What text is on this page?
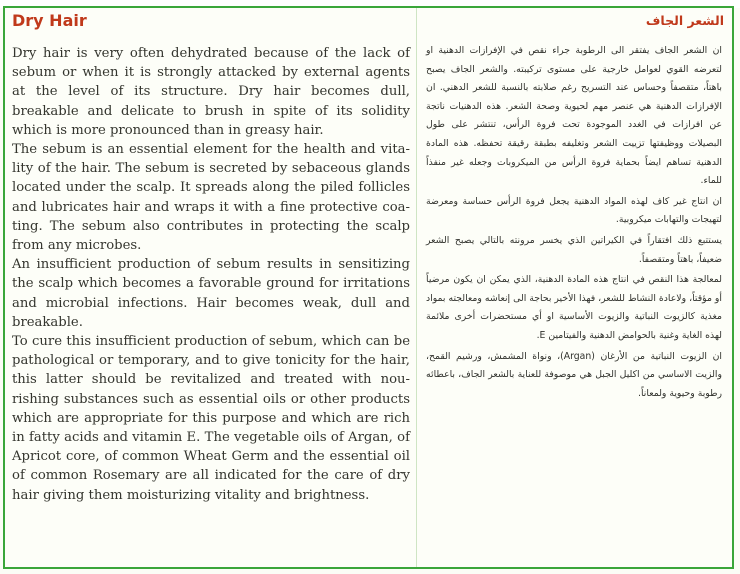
Dry Hair	الشعر الجاف

Dry hair is very often dehydrated because of the lack of sebum or when it is strongly attacked by external agents at the level of its structure. Dry hair becomes dull, breakable and delicate to brush in spite of its solidity which is more pronounced than in greasy hair.

The sebum is an essential element for the health and vitality of the hair. The sebum is secreted by sebaceous glands located under the scalp. It spreads along the piled follicles and lubricates hair and wraps it with a fine protective coating. The sebum also contributes in protecting the scalp from any microbes.

An insufficient production of sebum results in sensitizing the scalp which becomes a favorable ground for irritations and microbial infections. Hair becomes weak, dull and breakable.

To cure this insufficient production of sebum, which can be pathological or temporary, and to give tonicity for the hair, this latter should be revitalized and treated with nourishing substances such as essential oils or other products which are appropriate for this purpose and which are rich in fatty acids and vitamin E. The vegetable oils of Argan, of Apricot core, of common Wheat Germ and the essential oil of common Rosemary are all indicated for the care of dry hair giving them moisturizing vitality and brightness.

ان الشعر الجاف يفتقر الى الرطوبة جراء نقص في الإفرازات الدهنية او لتعرضه القوي لعوامل خارجية على مستوى تركيبته. والشعر الجاف يصبح باهتاً، متقصفاً وحساس عند التسريح رغم صلابته بالنسبة للشعر الدهني. ان الإفرازات الدهنية هي عنصر مهم لحيوية وصحة الشعر. هذه الدهنيات ناتجة عن افرازات في الغدد الموجودة تحت فروة الرأس، تنتشر على طول البصيلات ووظيفتها تزييت الشعر وتغليفه بطبقة رقيقة تحفظه. هذه المادة الدهنية تساهم ايضاً بحماية فروة الرأس من الميكروبات وجعله غير منفذاً للماء.

ان انتاج غير كاف لهذه المواد الدهنية يجعل فروة الرأس حساسة ومعرضة لتهيجات والتهابات ميكروبية.

يستتبع ذلك افتقاراً في الكيراتين الذي يخسر مرونته بالتالي يصبح الشعر ضعيفاً، باهتاً ومتقصفاً.

لمعالجة هذا النقص في انتاج هذه المادة الدهنية، الذي يمكن ان يكون مرضياً أو مؤقتاً، ولاعادة النشاط للشعر، فهذا الأخير بحاجة الى إنعاشه ومعالجته بمواد مغذية كالزيوت النباتية والزيوت الأساسية او أي مستحضرات أخرى ملائمة لهذه الغاية وغنية بالحوامض الدهنية والفيتامين E.

ان الزيوت النباتية من الأرغان (Argan)، ونواة المشمش، ورشيم القمح، والزيت الاساسي من اكليل الجبل هي موصوفة للعناية بالشعر الجاف، باعطائه رطوبة وحيوية ولمعاناً.
